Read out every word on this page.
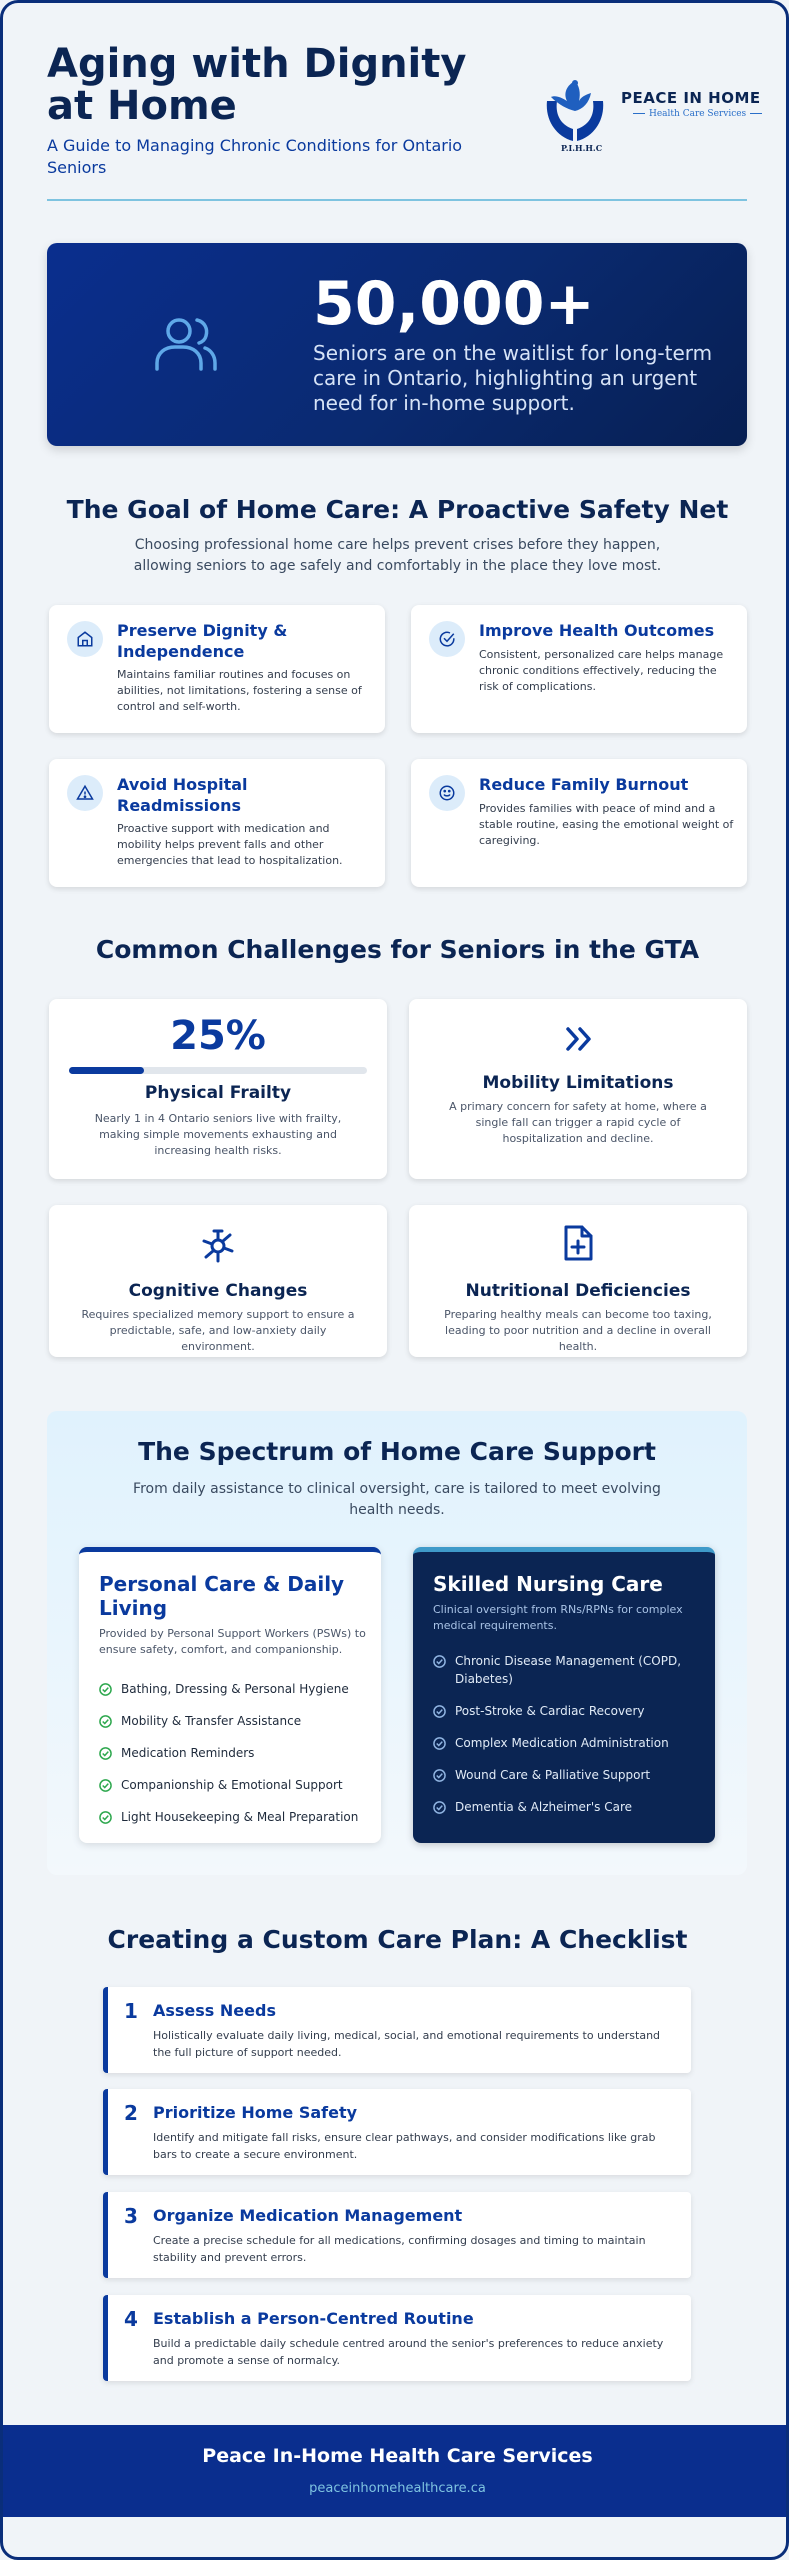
Aging with Dignity at Home
A Guide to Managing Chronic Conditions for Ontario Seniors
PEACE IN HOME
Health Care Services
P.I.H.H.C
50,000+
Seniors are on the waitlist for long-term care in Ontario, highlighting an urgent need for in-home support.
The Goal of Home Care: A Proactive Safety Net
Choosing professional home care helps prevent crises before they happen, allowing seniors to age safely and comfortably in the place they love most.
Preserve Dignity & Independence
Maintains familiar routines and focuses on abilities, not limitations, fostering a sense of control and self-worth.
Improve Health Outcomes
Consistent, personalized care helps manage chronic conditions effectively, reducing the risk of complications.
Avoid Hospital Readmissions
Proactive support with medication and mobility helps prevent falls and other emergencies that lead to hospitalization.
Reduce Family Burnout
Provides families with peace of mind and a stable routine, easing the emotional weight of caregiving.
Common Challenges for Seniors in the GTA
25%
Physical Frailty
Nearly 1 in 4 Ontario seniors live with frailty, making simple movements exhausting and increasing health risks.
Mobility Limitations
A primary concern for safety at home, where a single fall can trigger a rapid cycle of hospitalization and decline.
Cognitive Changes
Requires specialized memory support to ensure a predictable, safe, and low-anxiety daily environment.
Nutritional Deficiencies
Preparing healthy meals can become too taxing, leading to poor nutrition and a decline in overall health.
The Spectrum of Home Care Support
From daily assistance to clinical oversight, care is tailored to meet evolving health needs.
Personal Care & Daily Living
Provided by Personal Support Workers (PSWs) to ensure safety, comfort, and companionship.
Bathing, Dressing & Personal Hygiene
Mobility & Transfer Assistance
Medication Reminders
Companionship & Emotional Support
Light Housekeeping & Meal Preparation
Skilled Nursing Care
Clinical oversight from RNs/RPNs for complex medical requirements.
Chronic Disease Management (COPD, Diabetes)
Post-Stroke & Cardiac Recovery
Complex Medication Administration
Wound Care & Palliative Support
Dementia & Alzheimer's Care
Creating a Custom Care Plan: A Checklist
1 Assess Needs
Holistically evaluate daily living, medical, social, and emotional requirements to understand the full picture of support needed.
2 Prioritize Home Safety
Identify and mitigate fall risks, ensure clear pathways, and consider modifications like grab bars to create a secure environment.
3 Organize Medication Management
Create a precise schedule for all medications, confirming dosages and timing to maintain stability and prevent errors.
4 Establish a Person-Centred Routine
Build a predictable daily schedule centred around the senior's preferences to reduce anxiety and promote a sense of normalcy.
Peace In-Home Health Care Services
peaceinhomehealthcare.ca
